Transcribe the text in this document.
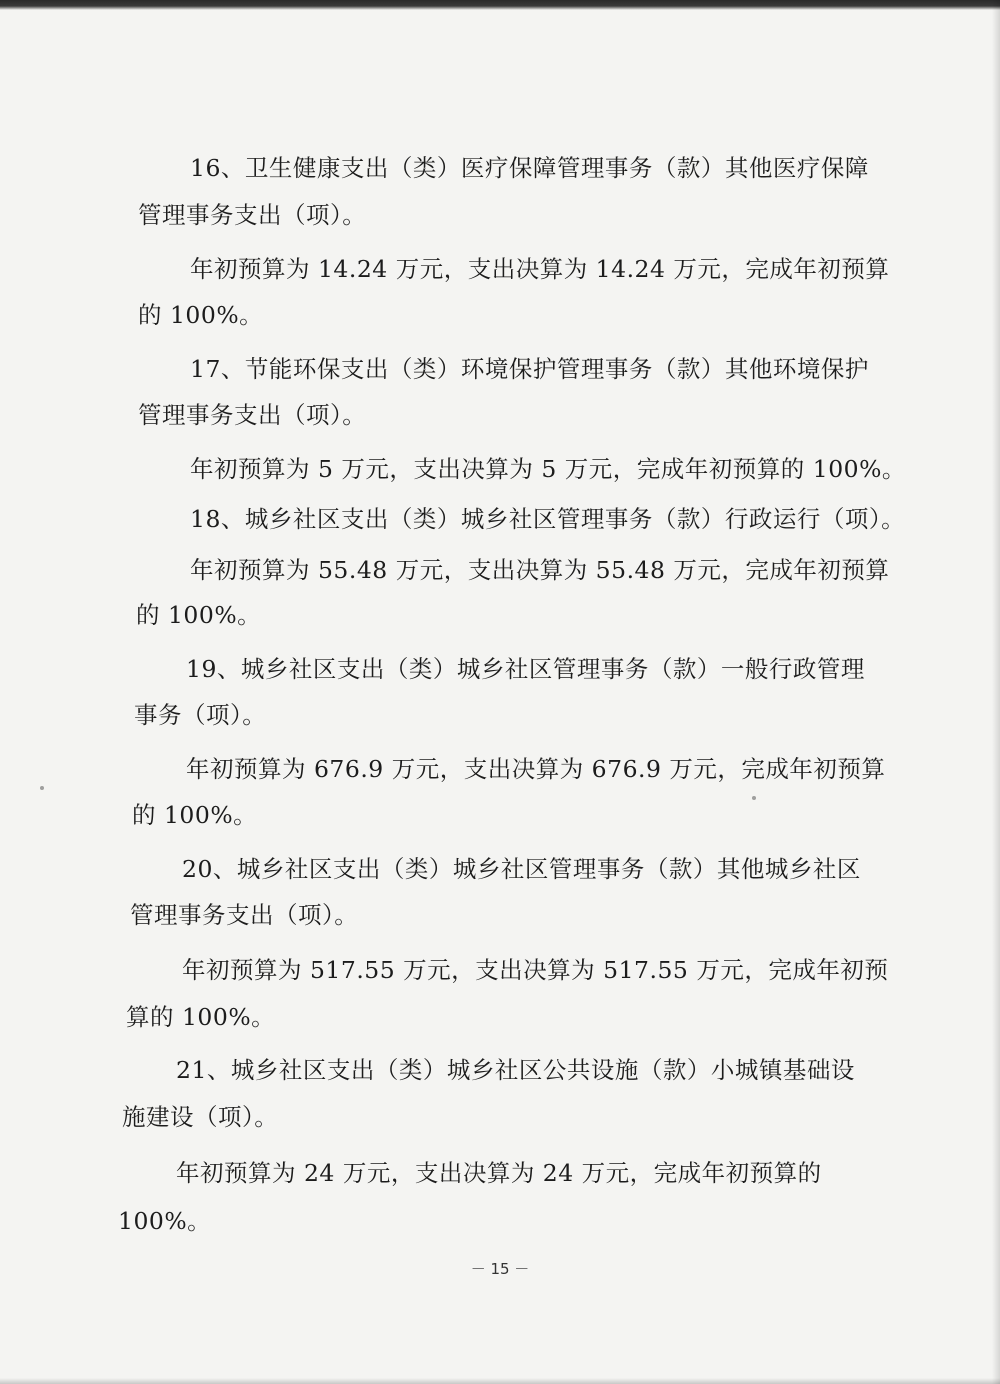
16、卫生健康支出（类）医疗保障管理事务（款）其他医疗保障

管理事务支出（项）。

年初预算为 14.24 万元，支出决算为 14.24 万元，完成年初预算

的 100%。

17、节能环保支出（类）环境保护管理事务（款）其他环境保护

管理事务支出（项）。

年初预算为 5 万元，支出决算为 5 万元，完成年初预算的 100%。

18、城乡社区支出（类）城乡社区管理事务（款）行政运行（项）。

年初预算为 55.48 万元，支出决算为 55.48 万元，完成年初预算

的 100%。

19、城乡社区支出（类）城乡社区管理事务（款）一般行政管理

事务（项）。

年初预算为 676.9 万元，支出决算为 676.9 万元，完成年初预算

的 100%。

20、城乡社区支出（类）城乡社区管理事务（款）其他城乡社区

管理事务支出（项）。

年初预算为 517.55 万元，支出决算为 517.55 万元，完成年初预

算的 100%。

21、城乡社区支出（类）城乡社区公共设施（款）小城镇基础设

施建设（项）。

年初预算为 24 万元，支出决算为 24 万元，完成年初预算的

100%。

－ 15 －
